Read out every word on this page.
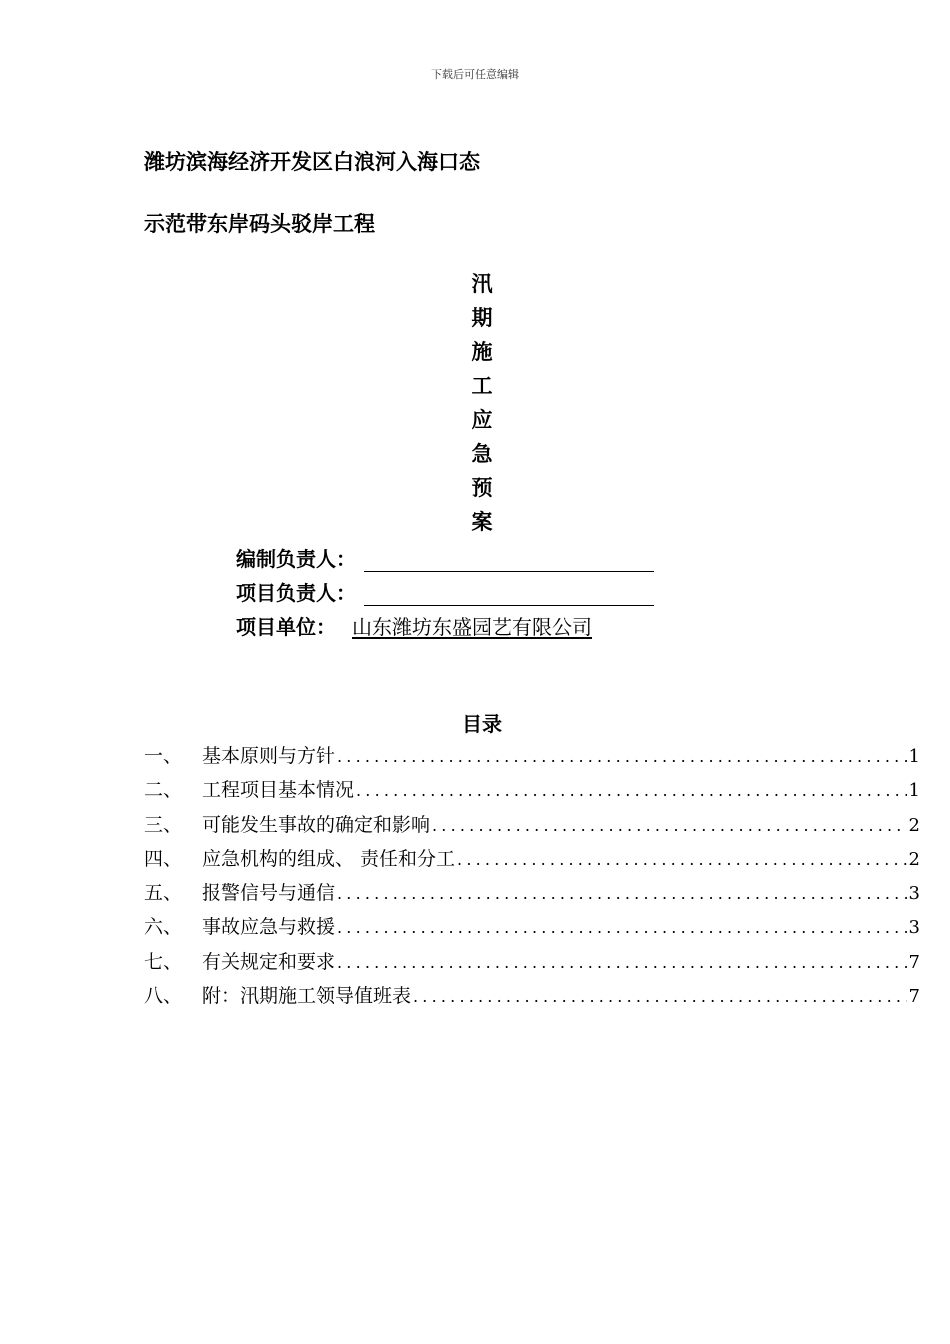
下载后可任意编辑
潍坊滨海经济开发区白浪河入海口态
示范带东岸码头驳岸工程
汛
期
施
工
应
急
预
案
编制负责人：
项目负责人：
项目单位： 山东潍坊东盛园艺有限公司
目录
一、	基本原则与方针 .....	1
二、	工程项目基本情况 .....	1
三、	可能发生事故的确定和影响 .....	2
四、	应急机构的组成、 责任和分工 .....	2
五、	报警信号与通信 .....	3
六、	事故应急与救援 .....	3
七、	有关规定和要求 .....	7
八、	附：汛期施工领导值班表 .....	7
